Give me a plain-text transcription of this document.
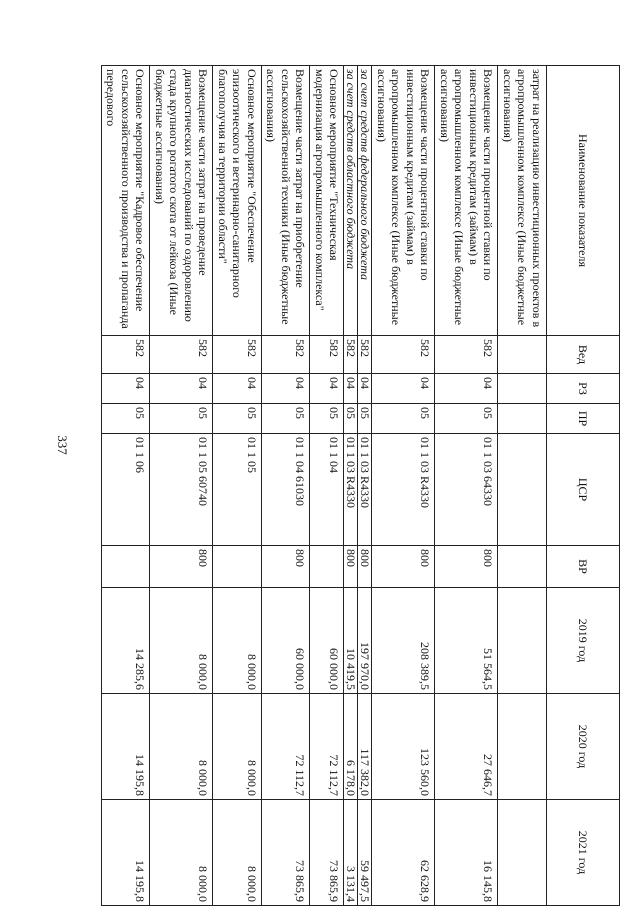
337
Наименование показателя	Вед	РЗ	ПР	ЦСР	ВР	2019 год	2020 год	2021 год
затрат на реализацию инвестиционных проектов в агропромышленном комплексе (Иные бюджетные ассигнования)								
Возмещение части процентной ставки по инвестиционным кредитам (займам) в агропромышленном комплексе (Иные бюджетные ассигнования)	582	04	05	01 1 03 64330	800	51 564,5	27 646,7	16 145,8
Возмещение части процентной ставки по инвестиционным кредитам (займам) в агропромышленном комплексе (Иные бюджетные ассигнования)	582	04	05	01 1 03 R4330	800	208 389,5	123 560,0	62 628,9
за счет средств федерального бюджета	582	04	05	01 1 03 R4330	800	197 970,0	117 382,0	59 497,5
за счет средств областного бюджета	582	04	05	01 1 03 R4330	800	10 419,5	6 178,0	3 131,4
Основное мероприятие "Техническая модернизация агропромышленного комплекса"	582	04	05	01 1 04		60 000,0	72 112,7	73 865,9
Возмещение части затрат на приобретение сельскохозяйственной техники (Иные бюджетные ассигнования)	582	04	05	01 1 04 61030	800	60 000,0	72 112,7	73 865,9
Основное мероприятие "Обеспечение эпизоотического и ветеринарно-санитарного благополучия на территории области"	582	04	05	01 1 05		8 000,0	8 000,0	8 000,0
Возмещение части затрат на проведение диагностических исследований по оздоровлению стада крупного рогатого скота от лейкоза (Иные бюджетные ассигнования)	582	04	05	01 1 05 60740	800	8 000,0	8 000,0	8 000,0
Основное мероприятие "Кадровое обеспечение сельскохозяйственного производства и пропаганда передового	582	04	05	01 1 06		14 285,6	14 195,8	14 195,8
